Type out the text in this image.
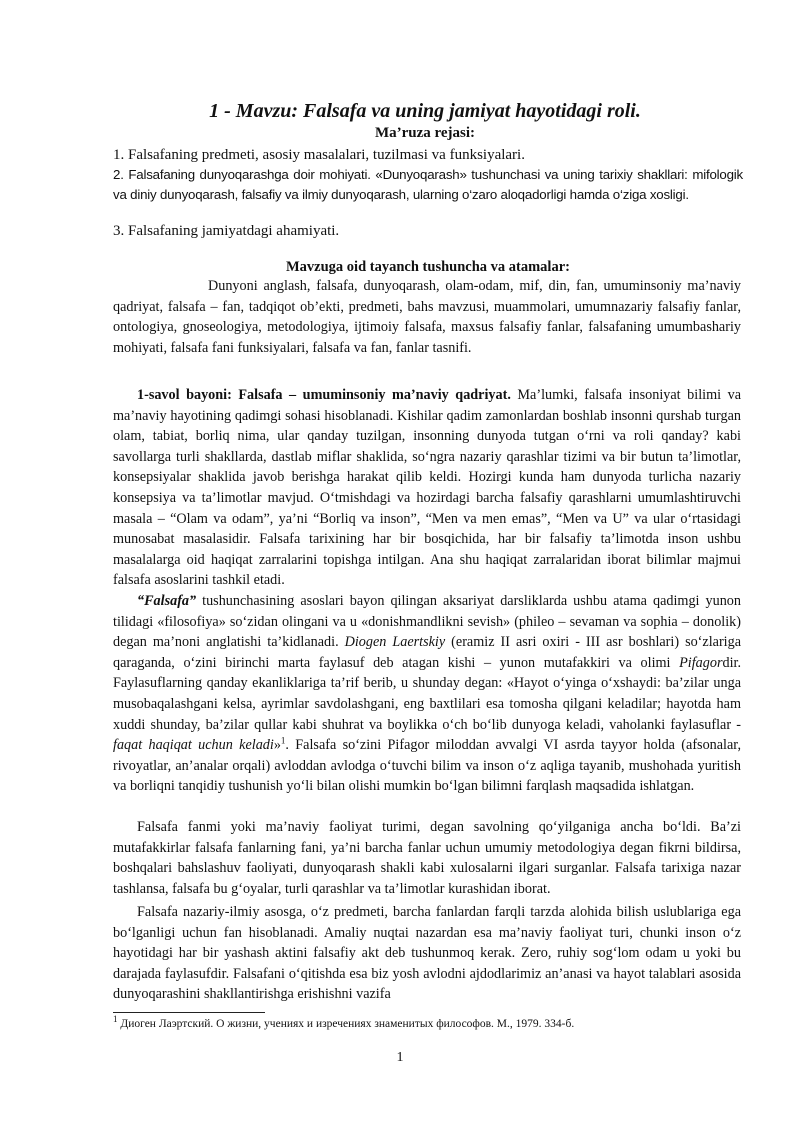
1 - Mavzu: Falsafa va uning jamiyat hayotidagi roli.
Ma’ruza rejasi:
1. Falsafaning predmeti, asosiy masalalari, tuzilmasi va funksiyalari.
2. Falsafaning dunyoqarashga doir mohiyati. «Dunyoqarash» tushunchasi va uning tarixiy shakllari: mifologik va diniy dunyoqarash, falsafiy va ilmiy dunyoqarash, ularning o‘zaro aloqadorligi hamda o‘ziga xosligi.
3. Falsafaning jamiyatdagi ahamiyati.
Mavzuga oid tayanch tushuncha va atamalar:
Dunyoni anglash, falsafa, dunyoqarash, olam-odam, mif, din, fan, umuminsoniy ma’naviy qadriyat, falsafa – fan, tadqiqot ob’ekti, predmeti, bahs mavzusi, muammolari, umumnazariy falsafiy fanlar, ontologiya, gnoseologiya, metodologiya, ijtimoiy falsafa, maxsus falsafiy fanlar, falsafaning umumbashariy mohiyati, falsafa fani funksiyalari, falsafa va fan, fanlar tasnifi.
1-savol bayoni: Falsafa – umuminsoniy ma’naviy qadriyat. Ma’lumki, falsafa insoniyat bilimi va ma’naviy hayotining qadimgi sohasi hisoblanadi. Kishilar qadim zamonlardan boshlab insonni qurshab turgan olam, tabiat, borliq nima, ular qanday tuzilgan, insonning dunyoda tutgan o‘rni va roli qanday? kabi savollarga turli shakllarda, dastlab miflar shaklida, so‘ngra nazariy qarashlar tizimi va bir butun ta’limotlar, konsepsiyalar shaklida javob berishga harakat qilib keldi. Hozirgi kunda ham dunyoda turlicha nazariy konsepsiya va ta’limotlar mavjud. O‘tmishdagi va hozirdagi barcha falsafiy qarashlarni umumlashtiruvchi masala – “Olam va odam”, ya’ni “Borliq va inson”, “Men va men emas”, “Men va U” va ular o‘rtasidagi munosabat masalasidir. Falsafa tarixining har bir bosqichida, har bir falsafiy ta’limotda inson ushbu masalalarga oid haqiqat zarralarini topishga intilgan. Ana shu haqiqat zarralaridan iborat bilimlar majmui falsafa asoslarini tashkil etadi.
“Falsafa” tushunchasining asoslari bayon qilingan aksariyat darsliklarda ushbu atama qadimgi yunon tilidagi «filosofiya» so‘zidan olingani va u «donishmandlikni sevish» (phileo – sevaman va sophia – donolik) degan ma’noni anglatishi ta’kidlanadi. Diogen Laertskiy (eramiz II asri oxiri - III asr boshlari) so‘zlariga qaraganda, o‘zini birinchi marta faylasuf deb atagan kishi – yunon mutafakkiri va olimi Pifagordir. Faylasuflarning qanday ekanliklariga ta’rif berib, u shunday degan: «Hayot o‘yinga o‘xshaydi: ba’zilar unga musobaqalashgani kelsa, ayrimlar savdolashgani, eng baxtlilari esa tomosha qilgani keladilar; hayotda ham xuddi shunday, ba’zilar qullar kabi shuhrat va boylikka o‘ch bo‘lib dunyoga keladi, vaholanki faylasuflar - faqat haqiqat uchun keladi»$^1$. Falsafa so‘zini Pifagor miloddan avvalgi VI asrda tayyor holda (afsonalar, rivoyatlar, an’analar orqali) avloddan avlodga o‘tuvchi bilim va inson o‘z aqliga tayanib, mushohada yuritish va borliqni tanqidiy tushunish yo‘li bilan olishi mumkin bo‘lgan bilimni farqlash maqsadida ishlatgan.
Falsafa fanmi yoki ma’naviy faoliyat turimi, degan savolning qo‘yilganiga ancha bo‘ldi. Ba’zi mutafakkirlar falsafa fanlarning fani, ya’ni barcha fanlar uchun umumiy metodologiya degan fikrni bildirsa, boshqalari bahslashuv faoliyati, dunyoqarash shakli kabi xulosalarni ilgari surganlar. Falsafa tarixiga nazar tashlansa, falsafa bu g‘oyalar, turli qarashlar va ta’limotlar kurashidan iborat.
Falsafa nazariy-ilmiy asosga, o‘z predmeti, barcha fanlardan farqli tarzda alohida bilish uslublariga ega bo‘lganligi uchun fan hisoblanadi. Amaliy nuqtai nazardan esa ma’naviy faoliyat turi, chunki inson o‘z hayotidagi har bir yashash aktini falsafiy akt deb tushunmoq kerak. Zero, ruhiy sog‘lom odam u yoki bu darajada faylasufdir. Falsafani o‘qitishda esa biz yosh avlodni ajdodlarimiz an’anasi va hayot talablari asosida dunyoqarashini shakllantirishga erishishni vazifa
$^1$ Диоген Лаэртский. О жизни, учениях и изречениях знаменитых философов. М., 1979. 334-б.
1
